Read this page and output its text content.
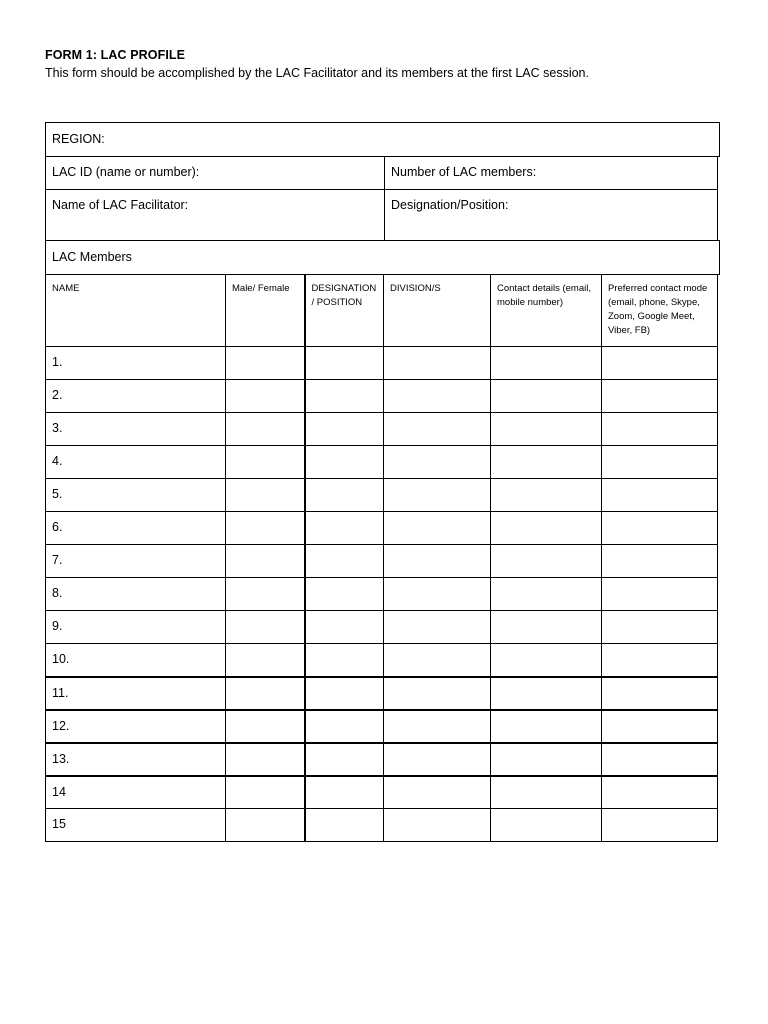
FORM 1: LAC PROFILE

This form should be accomplished by the LAC Facilitator and its members at the first LAC session.

REGION:
LAC ID (name or number):	Number of LAC members:
Name of LAC Facilitator:	Designation/Position:
LAC Members
NAME	Male/ Female	DESIGNATION / POSITION	DIVISION/S	Contact details (email, mobile number)	Preferred contact mode (email, phone, Skype, Zoom, Google Meet, Viber, FB)
1.					
2.					
3.					
4.					
5.					
6.					
7.					
8.					
9.					
10.					
11.					
12.					
13.					
14					
15					
